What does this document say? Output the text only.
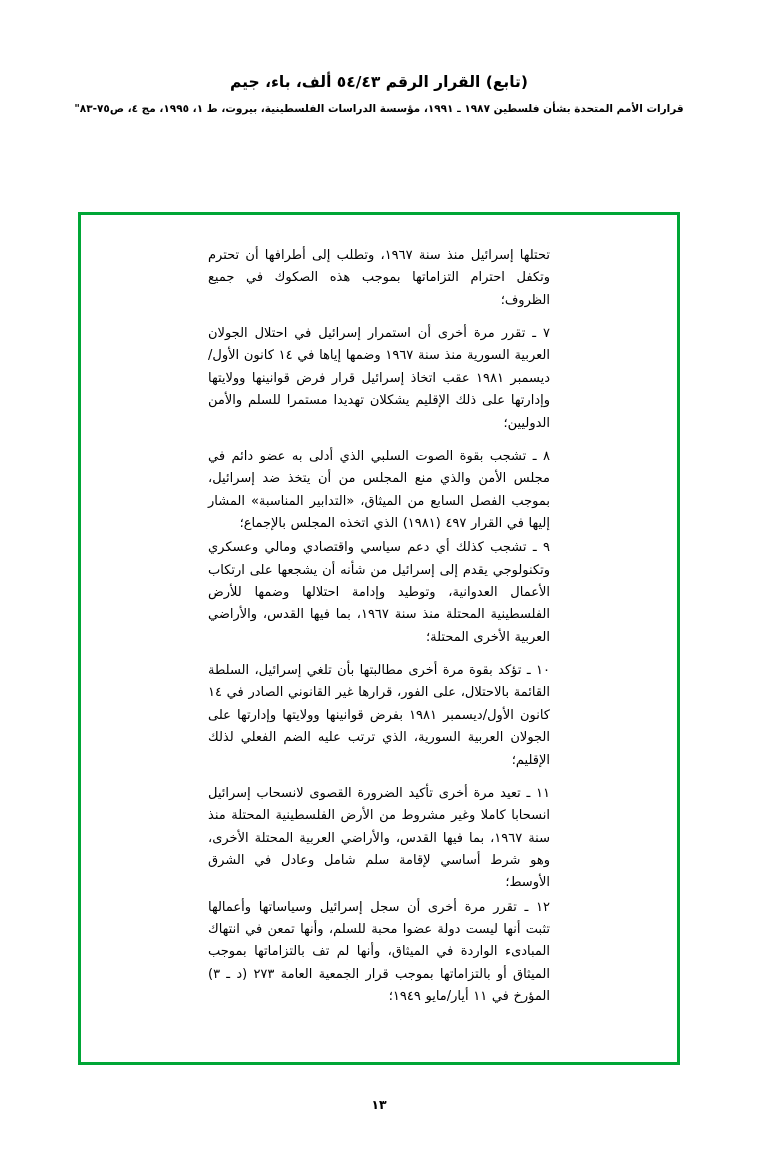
(تابع) القرار الرقم ٥٤/٤٣ ألف، باء، جيم
قرارات الأمم المتحدة بشأن فلسطين ١٩٨٧ ـ ١٩٩١، مؤسسة الدراسات الفلسطينية، بيروت، ط ١، ١٩٩٥، مج ٤، ص٧٥-٨٣"

تحتلها إسرائيل منذ سنة ١٩٦٧، وتطلب إلى أطرافها أن تحترم وتكفل احترام التزاماتها بموجب هذه الصكوك في جميع الظروف؛

٧ ـ تقرر مرة أخرى أن استمرار إسرائيل في احتلال الجولان العربية السورية منذ سنة ١٩٦٧ وضمها إياها في ١٤ كانون الأول/ ديسمبر ١٩٨١ عقب اتخاذ إسرائيل قرار فرض قوانينها وولايتها وإدارتها على ذلك الإقليم يشكلان تهديدا مستمرا للسلم والأمن الدوليين؛

٨ ـ تشجب بقوة الصوت السلبي الذي أدلى به عضو دائم في مجلس الأمن والذي منع المجلس من أن يتخذ ضد إسرائيل، بموجب الفصل السابع من الميثاق، «التدابير المناسبة» المشار إليها في القرار ٤٩٧ (١٩٨١) الذي اتخذه المجلس بالإجماع؛

٩ ـ تشجب كذلك أي دعم سياسي واقتصادي ومالي وعسكري وتكنولوجي يقدم إلى إسرائيل من شأنه أن يشجعها على ارتكاب الأعمال العدوانية، وتوطيد وإدامة احتلالها وضمها للأرض الفلسطينية المحتلة منذ سنة ١٩٦٧، بما فيها القدس، والأراضي العربية الأخرى المحتلة؛

١٠ ـ تؤكد بقوة مرة أخرى مطالبتها بأن تلغي إسرائيل، السلطة القائمة بالاحتلال، على الفور، قرارها غير القانوني الصادر في ١٤ كانون الأول/ديسمبر ١٩٨١ بفرض قوانينها وولايتها وإدارتها على الجولان العربية السورية، الذي ترتب عليه الضم الفعلي لذلك الإقليم؛

١١ ـ تعيد مرة أخرى تأكيد الضرورة القصوى لانسحاب إسرائيل انسحابا كاملا وغير مشروط من الأرض الفلسطينية المحتلة منذ سنة ١٩٦٧، بما فيها القدس، والأراضي العربية المحتلة الأخرى، وهو شرط أساسي لإقامة سلم شامل وعادل في الشرق الأوسط؛

١٢ ـ تقرر مرة أخرى أن سجل إسرائيل وسياساتها وأعمالها تثبت أنها ليست دولة عضوا محبة للسلم، وأنها تمعن في انتهاك المبادىء الواردة في الميثاق، وأنها لم تف بالتزاماتها بموجب الميثاق أو بالتزاماتها بموجب قرار الجمعية العامة ٢٧٣ (د ـ ٣) المؤرخ في ١١ أيار/مايو ١٩٤٩؛

١٣
